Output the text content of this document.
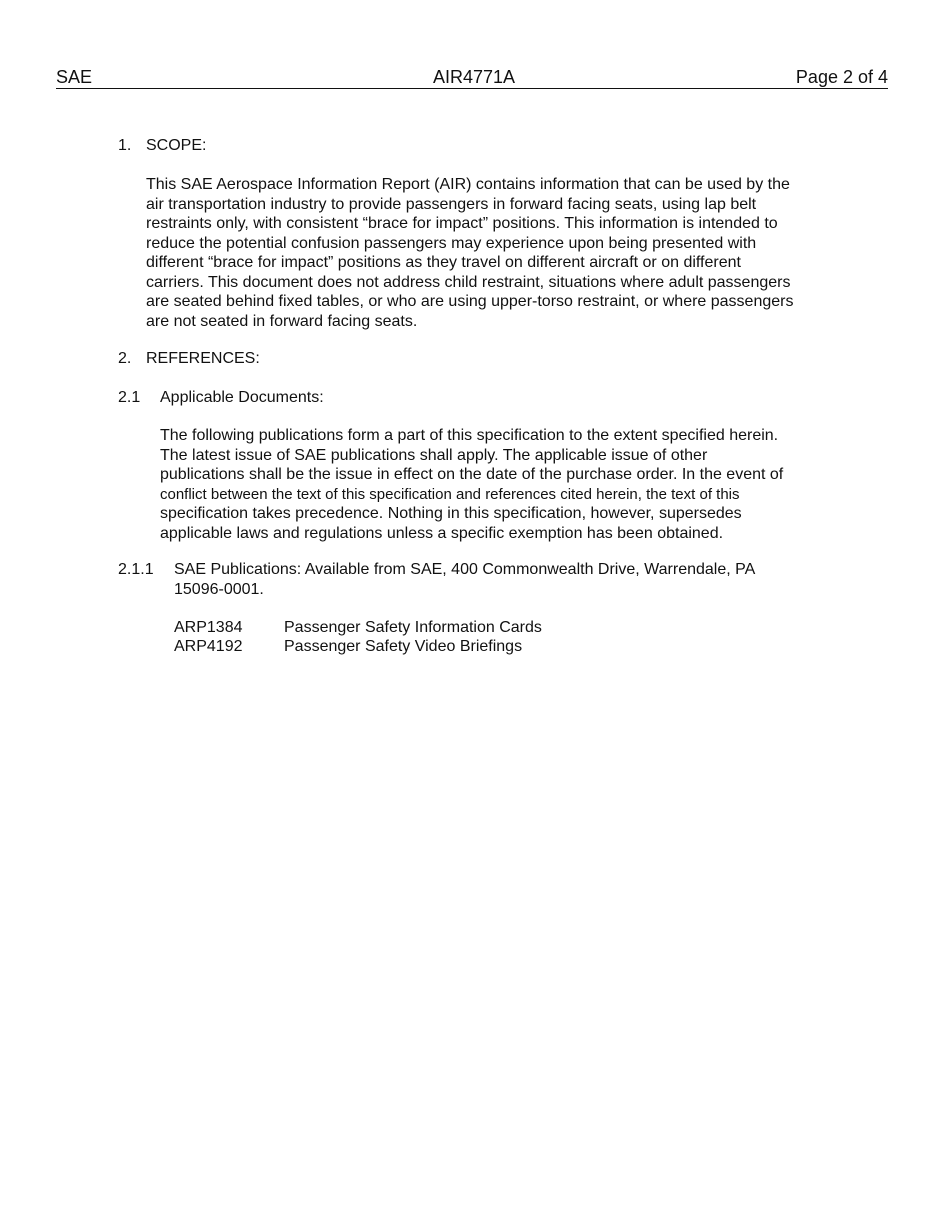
SAE	AIR4771A	Page 2 of 4
1. SCOPE:
This SAE Aerospace Information Report (AIR) contains information that can be used by the
air transportation industry to provide passengers in forward facing seats, using lap belt
restraints only, with consistent “brace for impact” positions. This information is intended to
reduce the potential confusion passengers may experience upon being presented with
different “brace for impact” positions as they travel on different aircraft or on different
carriers. This document does not address child restraint, situations where adult passengers
are seated behind fixed tables, or who are using upper-torso restraint, or where passengers
are not seated in forward facing seats.
2. REFERENCES:
2.1 Applicable Documents:
The following publications form a part of this specification to the extent specified herein.
The latest issue of SAE publications shall apply. The applicable issue of other
publications shall be the issue in effect on the date of the purchase order. In the event of
conflict between the text of this specification and references cited herein, the text of this
specification takes precedence. Nothing in this specification, however, supersedes
applicable laws and regulations unless a specific exemption has been obtained.
2.1.1 SAE Publications: Available from SAE, 400 Commonwealth Drive, Warrendale, PA
15096-0001.
ARP1384	Passenger Safety Information Cards
ARP4192	Passenger Safety Video Briefings
